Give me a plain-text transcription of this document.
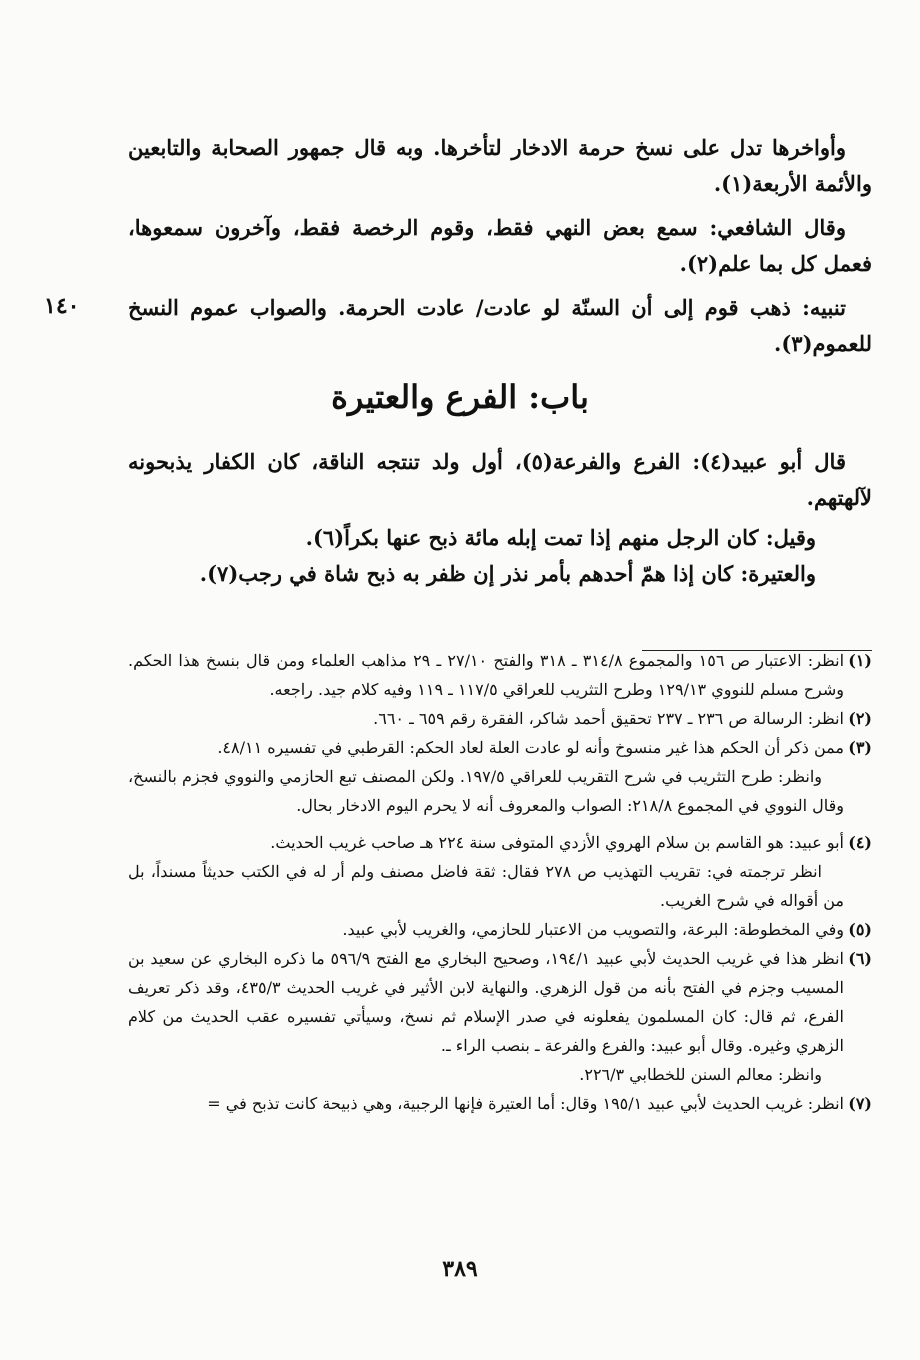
وأواخرها تدل على نسخ حرمة الادخار لتأخرها. وبه قال جمهور الصحابة والتابعين والأئمة الأربعة(١).

وقال الشافعي: سمع بعض النهي فقط، وقوم الرخصة فقط، وآخرون سمعوها، فعمل كل بما علم(٢).

تنبيه: ذهب قوم إلى أن السنّة لو عادت/ عادت الحرمة. والصواب عموم النسخ للعموم(٣).

١٤٠
باب: الفرع والعتيرة

قال أبو عبيد(٤): الفرع والفرعة(٥)، أول ولد تنتجه الناقة، كان الكفار يذبحونه لآلهتهم.

وقيل: كان الرجل منهم إذا تمت إبله مائة ذبح عنها بكراً(٦).

والعتيرة: كان إذا همّ أحدهم بأمر نذر إن ظفر به ذبح شاة في رجب(٧).

(١)
انظر: الاعتبار ص ١٥٦ والمجموع ٣١٤/٨ ـ ٣١٨ والفتح ٢٧/١٠ ـ ٢٩ مذاهب العلماء ومن قال بنسخ هذا الحكم. وشرح مسلم للنووي ١٢٩/١٣ وطرح التثريب للعراقي ١١٧/٥ ـ ١١٩ وفيه كلام جيد. راجعه.
(٢)
انظر: الرسالة ص ٢٣٦ ـ ٢٣٧ تحقيق أحمد شاكر، الفقرة رقم ٦٥٩ ـ ٦٦٠.
(٣)
ممن ذكر أن الحكم هذا غير منسوخ وأنه لو عادت العلة لعاد الحكم: القرطبي في تفسيره ٤٨/١١.

وانظر: طرح التثريب في شرح التقريب للعراقي ١٩٧/٥. ولكن المصنف تبع الحازمي والنووي فجزم بالنسخ، وقال النووي في المجموع ٢١٨/٨: الصواب والمعروف أنه لا يحرم اليوم الادخار بحال.

(٤)
أبو عبيد: هو القاسم بن سلام الهروي الأزدي المتوفى سنة ٢٢٤ هـ صاحب غريب الحديث.

انظر ترجمته في: تقريب التهذيب ص ٢٧٨ فقال: ثقة فاضل مصنف ولم أر له في الكتب حديثاً مسنداً، بل من أقواله في شرح الغريب.

(٥)
وفي المخطوطة: البرعة، والتصويب من الاعتبار للحازمي، والغريب لأبي عبيد.
(٦)
انظر هذا في غريب الحديث لأبي عبيد ١٩٤/١، وصحيح البخاري مع الفتح ٥٩٦/٩ ما ذكره البخاري عن سعيد بن المسيب وجزم في الفتح بأنه من قول الزهري. والنهاية لابن الأثير في غريب الحديث ٤٣٥/٣، وقد ذكر تعريف الفرع، ثم قال: كان المسلمون يفعلونه في صدر الإسلام ثم نسخ، وسيأتي تفسيره عقب الحديث من كلام الزهري وغيره. وقال أبو عبيد: والفرع والفرعة ـ بنصب الراء ـ.

وانظر: معالم السنن للخطابي ٢٢٦/٣.

(٧)
انظر: غريب الحديث لأبي عبيد ١٩٥/١ وقال: أما العتيرة فإنها الرجبية، وهي ذبيحة كانت تذبح في =
٣٨٩
